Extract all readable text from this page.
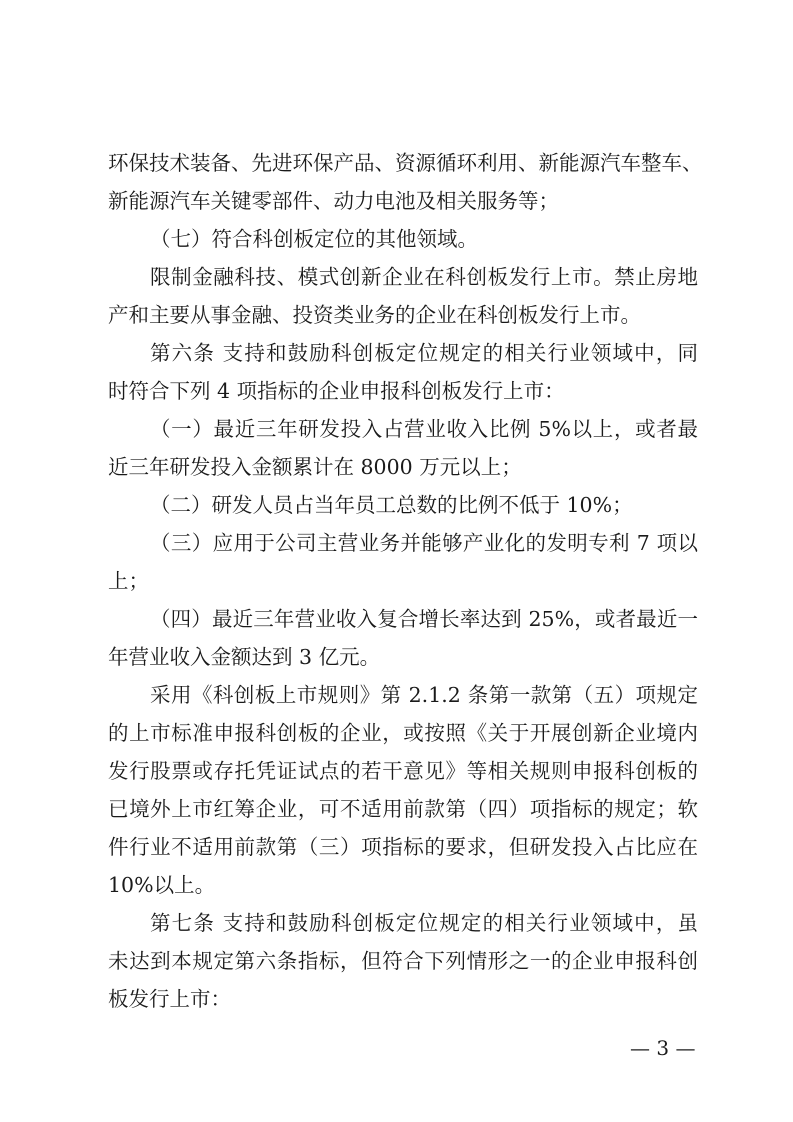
环保技术装备、先进环保产品、资源循环利用、新能源汽车整车、
新能源汽车关键零部件、动力电池及相关服务等；
（七）符合科创板定位的其他领域。
限制金融科技、模式创新企业在科创板发行上市。禁止房地
产和主要从事金融、投资类业务的企业在科创板发行上市。
第六条 支持和鼓励科创板定位规定的相关行业领域中，同
时符合下列 4 项指标的企业申报科创板发行上市：
（一）最近三年研发投入占营业收入比例 5%以上，或者最
近三年研发投入金额累计在 8000 万元以上；
（二）研发人员占当年员工总数的比例不低于 10%；
（三）应用于公司主营业务并能够产业化的发明专利 7 项以
上；
（四）最近三年营业收入复合增长率达到 25%，或者最近一
年营业收入金额达到 3 亿元。
采用《科创板上市规则》第 2.1.2 条第一款第（五）项规定
的上市标准申报科创板的企业，或按照《关于开展创新企业境内
发行股票或存托凭证试点的若干意见》等相关规则申报科创板的
已境外上市红筹企业，可不适用前款第（四）项指标的规定；软
件行业不适用前款第（三）项指标的要求，但研发投入占比应在
10%以上。
第七条 支持和鼓励科创板定位规定的相关行业领域中，虽
未达到本规定第六条指标，但符合下列情形之一的企业申报科创
板发行上市：
— 3 —
